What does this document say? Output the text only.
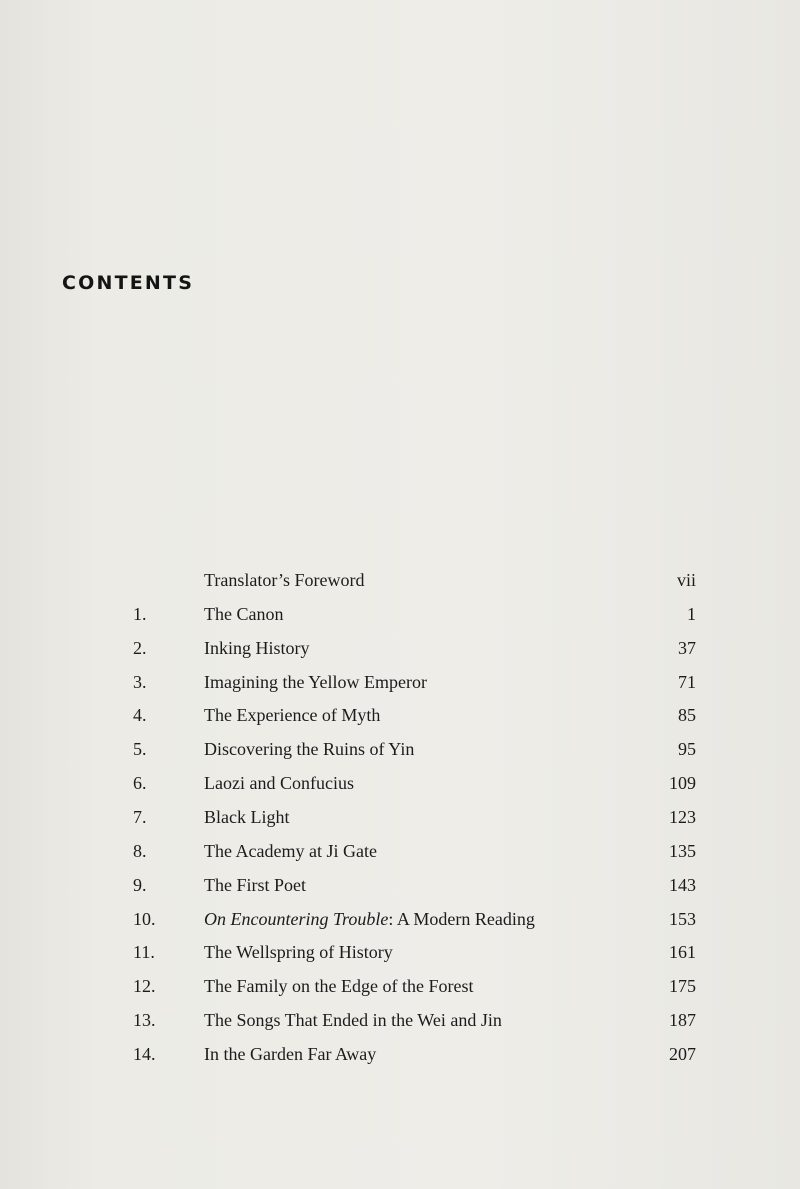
CONTENTS
Translator’s Foreword	vii
1.	The Canon	1
2.	Inking History	37
3.	Imagining the Yellow Emperor	71
4.	The Experience of Myth	85
5.	Discovering the Ruins of Yin	95
6.	Laozi and Confucius	109
7.	Black Light	123
8.	The Academy at Ji Gate	135
9.	The First Poet	143
10.	On Encountering Trouble: A Modern Reading	153
11.	The Wellspring of History	161
12.	The Family on the Edge of the Forest	175
13.	The Songs That Ended in the Wei and Jin	187
14.	In the Garden Far Away	207
